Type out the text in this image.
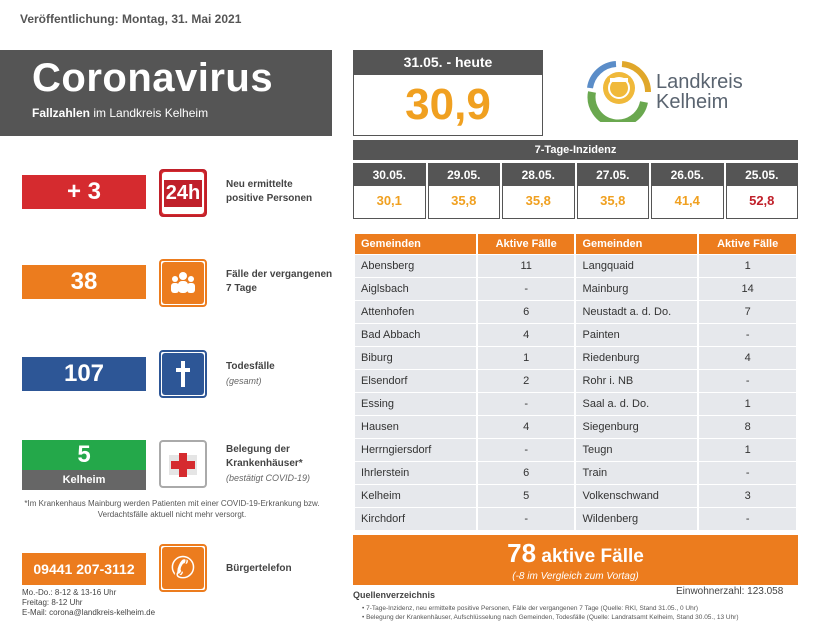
Veröffentlichung: Montag, 31. Mai 2021
Coronavirus
Fallzahlen im Landkreis Kelheim
31.05. - heute
30,9	Landkreis
Kelheim
7-Tage-Inzidenz
30.05.
30,1
29.05.
35,8
28.05.
35,8
27.05.
35,8
26.05.
41,4
25.05.
52,8
+ 3	24h	Neu ermittelte
positive Personen
38	Fälle der vergangenen
7 Tage
107	Todesfälle
(gesamt)
5
Kelheim
Belegung der
Krankenhäuser*
(bestätigt COVID-19)
*Im Krankenhaus Mainburg werden Patienten mit einer COVID-19-Erkrankung bzw. Verdachtsfälle aktuell nicht mehr versorgt.
09441 207-3112	✆	Bürgertelefon
Mo.-Do.: 8-12 & 13-16 Uhr
Freitag: 8-12 Uhr
E-Mail: corona@landkreis-kelheim.de
Gemeinden	Aktive Fälle	Gemeinden	Aktive Fälle
Abensberg	11	Langquaid	1
Aiglsbach	-	Mainburg	14
Attenhofen	6	Neustadt a. d. Do.	7
Bad Abbach	4	Painten	-
Biburg	1	Riedenburg	4
Elsendorf	2	Rohr i. NB	-
Essing	-	Saal a. d. Do.	1
Hausen	4	Siegenburg	8
Herrngiersdorf	-	Teugn	1
Ihrlerstein	6	Train	-
Kelheim	5	Volkenschwand	3
Kirchdorf	-	Wildenberg	-
78 aktive Fälle
(-8 im Vergleich zum Vortag)
Einwohnerzahl: 123.058
Quellenverzeichnis
• 7-Tage-Inzidenz, neu ermittelte positive Personen, Fälle der vergangenen 7 Tage (Quelle: RKI, Stand 31.05., 0 Uhr)
• Belegung der Krankenhäuser, Aufschlüsselung nach Gemeinden, Todesfälle (Quelle: Landratsamt Kelheim, Stand 30.05., 13 Uhr)
